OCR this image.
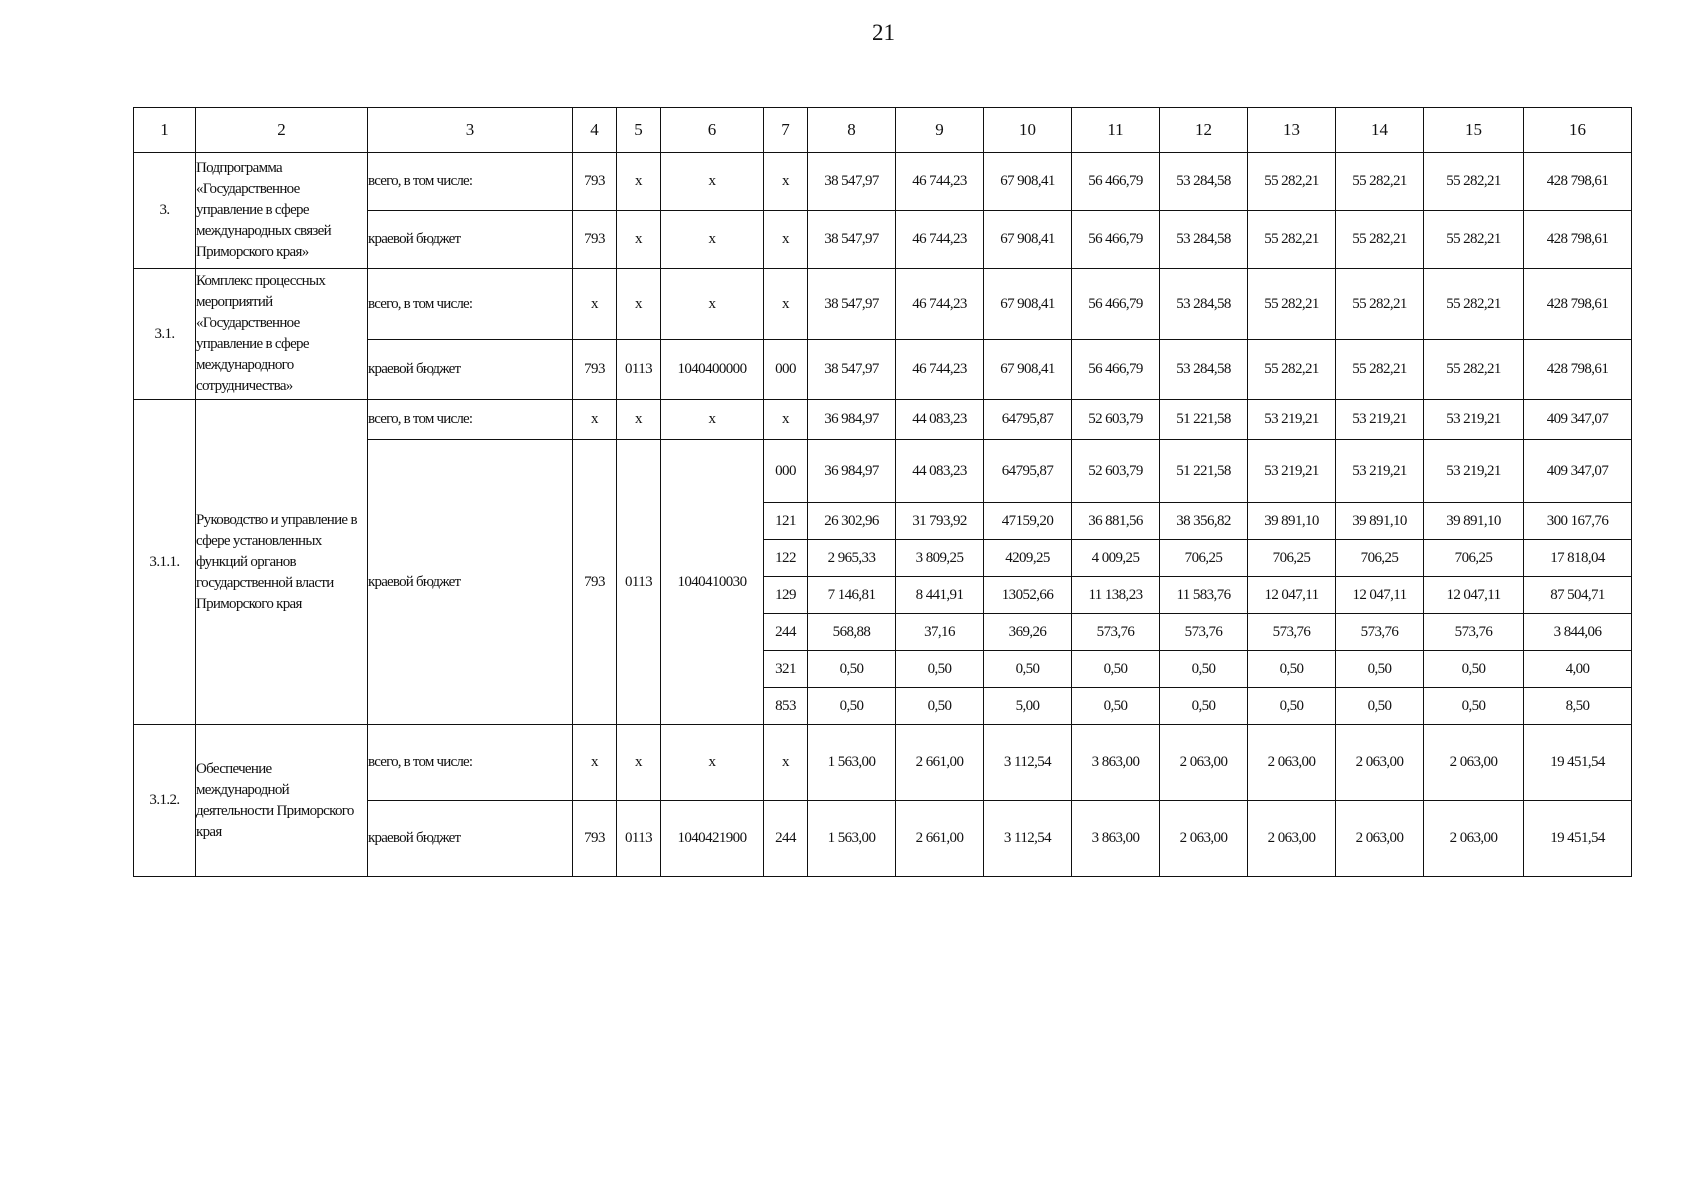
21
1	2	3	4	5	6	7	8	9	10	11	12	13	14	15	16
3.	Подпрограмма «Государственное управление в сфере международных связей Приморского края»	всего, в том числе:	793	х	х	х	38 547,97	46 744,23	67 908,41	56 466,79	53 284,58	55 282,21	55 282,21	55 282,21	428 798,61
		краевой бюджет	793	х	х	х	38 547,97	46 744,23	67 908,41	56 466,79	53 284,58	55 282,21	55 282,21	55 282,21	428 798,61
3.1.	Комплекс процессных мероприятий «Государственное управление в сфере международного сотрудничества»	всего, в том числе:	х	х	х	х	38 547,97	46 744,23	67 908,41	56 466,79	53 284,58	55 282,21	55 282,21	55 282,21	428 798,61
		краевой бюджет	793	0113	1040400000	000	38 547,97	46 744,23	67 908,41	56 466,79	53 284,58	55 282,21	55 282,21	55 282,21	428 798,61
3.1.1.	Руководство и управление в сфере установленных функций органов государственной власти Приморского края	всего, в том числе:	х	х	х	х	36 984,97	44 083,23	64795,87	52 603,79	51 221,58	53 219,21	53 219,21	53 219,21	409 347,07
		краевой бюджет	793	0113	1040410030	000	36 984,97	44 083,23	64795,87	52 603,79	51 221,58	53 219,21	53 219,21	53 219,21	409 347,07
						121	26 302,96	31 793,92	47159,20	36 881,56	38 356,82	39 891,10	39 891,10	39 891,10	300 167,76
						122	2 965,33	3 809,25	4209,25	4 009,25	706,25	706,25	706,25	706,25	17 818,04
						129	7 146,81	8 441,91	13052,66	11 138,23	11 583,76	12 047,11	12 047,11	12 047,11	87 504,71
						244	568,88	37,16	369,26	573,76	573,76	573,76	573,76	573,76	3 844,06
						321	0,50	0,50	0,50	0,50	0,50	0,50	0,50	0,50	4,00
						853	0,50	0,50	5,00	0,50	0,50	0,50	0,50	0,50	8,50
3.1.2.	Обеспечение международной деятельности Приморского края	всего, в том числе:	х	х	х	х	1 563,00	2 661,00	3 112,54	3 863,00	2 063,00	2 063,00	2 063,00	2 063,00	19 451,54
		краевой бюджет	793	0113	1040421900	244	1 563,00	2 661,00	3 112,54	3 863,00	2 063,00	2 063,00	2 063,00	2 063,00	19 451,54
